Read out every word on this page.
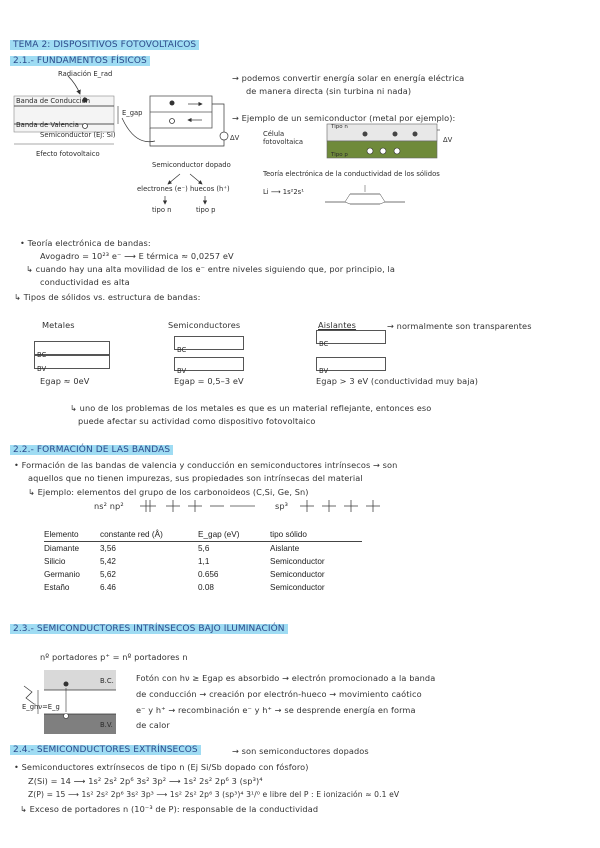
TEMA 2: DISPOSITIVOS FOTOVOLTAICOS
2.1.- FUNDAMENTOS FÍSICOS
Radiación E_rad
Banda de Conducción
Banda de Valencia
E_gap
Semiconductor (Ej: Si)
Efecto fotovoltaico
ΔV
Semiconductor dopado
electrones (e⁻) huecos (h⁺)
tipo n	tipo p
→ podemos convertir energía solar en energía eléctrica
de manera directa (sin turbina ni nada)
→ Ejemplo de un semiconductor (metal por ejemplo):
Célula fotovoltaica
Tipo n
Tipo p
ΔV
Teoría electrónica de la conductividad de los sólidos
Li ⟶ 1s²2s¹
• Teoría electrónica de bandas:
Avogadro = 10²³ e⁻ ⟶ E térmica ≈ 0,0257 eV
↳ cuando hay una alta movilidad de los e⁻ entre niveles siguiendo que, por principio, la
conductividad es alta
↳ Tipos de sólidos vs. estructura de bandas:
Metales	Semiconductores	Aislantes	→ normalmente son transparentes
BC
BV
BC
BV
BC
BV
Egap ≈ 0eV	Egap = 0,5–3 eV	Egap > 3 eV (conductividad muy baja)
↳ uno de los problemas de los metales es que es un material reflejante, entonces eso
puede afectar su actividad como dispositivo fotovoltaico
2.2.- FORMACIÓN DE LAS BANDAS
• Formación de las bandas de valencia y conducción en semiconductores intrínsecos → son
aquellos que no tienen impurezas, sus propiedades son intrínsecas del material
↳ Ejemplo: elementos del grupo de los carbonoideos (C,Si, Ge, Sn)
ns² np²	sp³
Elemento	constante red (Å)	E_gap (eV)	tipo sólido
Diamante	3,56	5,6	Aislante
Silicio	5,42	1,1	Semiconductor
Germanio	5,62	0.656	Semiconductor
Estaño	6.46	0.08	Semiconductor
2.3.- SEMICONDUCTORES INTRÍNSECOS BAJO ILUMINACIÓN
nº portadores p⁺ = nº portadores n
B.C.
B.V.
E_g hν=E_g
Fotón con hν ≥ Egap es absorbido → electrón promocionado a la banda
de conducción → creación por electrón-hueco → movimiento caótico
e⁻ y h⁺ → recombinación e⁻ y h⁺ → se desprende energía en forma
de calor
2.4.- SEMICONDUCTORES EXTRÍNSECOS	→ son semiconductores dopados
• Semiconductores extrínsecos de tipo n (Ej Si/Sb dopado con fósforo)
Z(Si) = 14 ⟶ 1s² 2s² 2p⁶ 3s² 3p² ⟶ 1s² 2s² 2p⁶ 3 (sp³)⁴
Z(P) = 15 ⟶ 1s² 2s² 2p⁶ 3s² 3p³ ⟶ 1s² 2s² 2p⁶ 3 (sp³)⁴ 3¹/⁰ e libre del P : E ionización ≈ 0.1 eV
↳ Exceso de portadores n (10⁻³ de P): responsable de la conductividad
